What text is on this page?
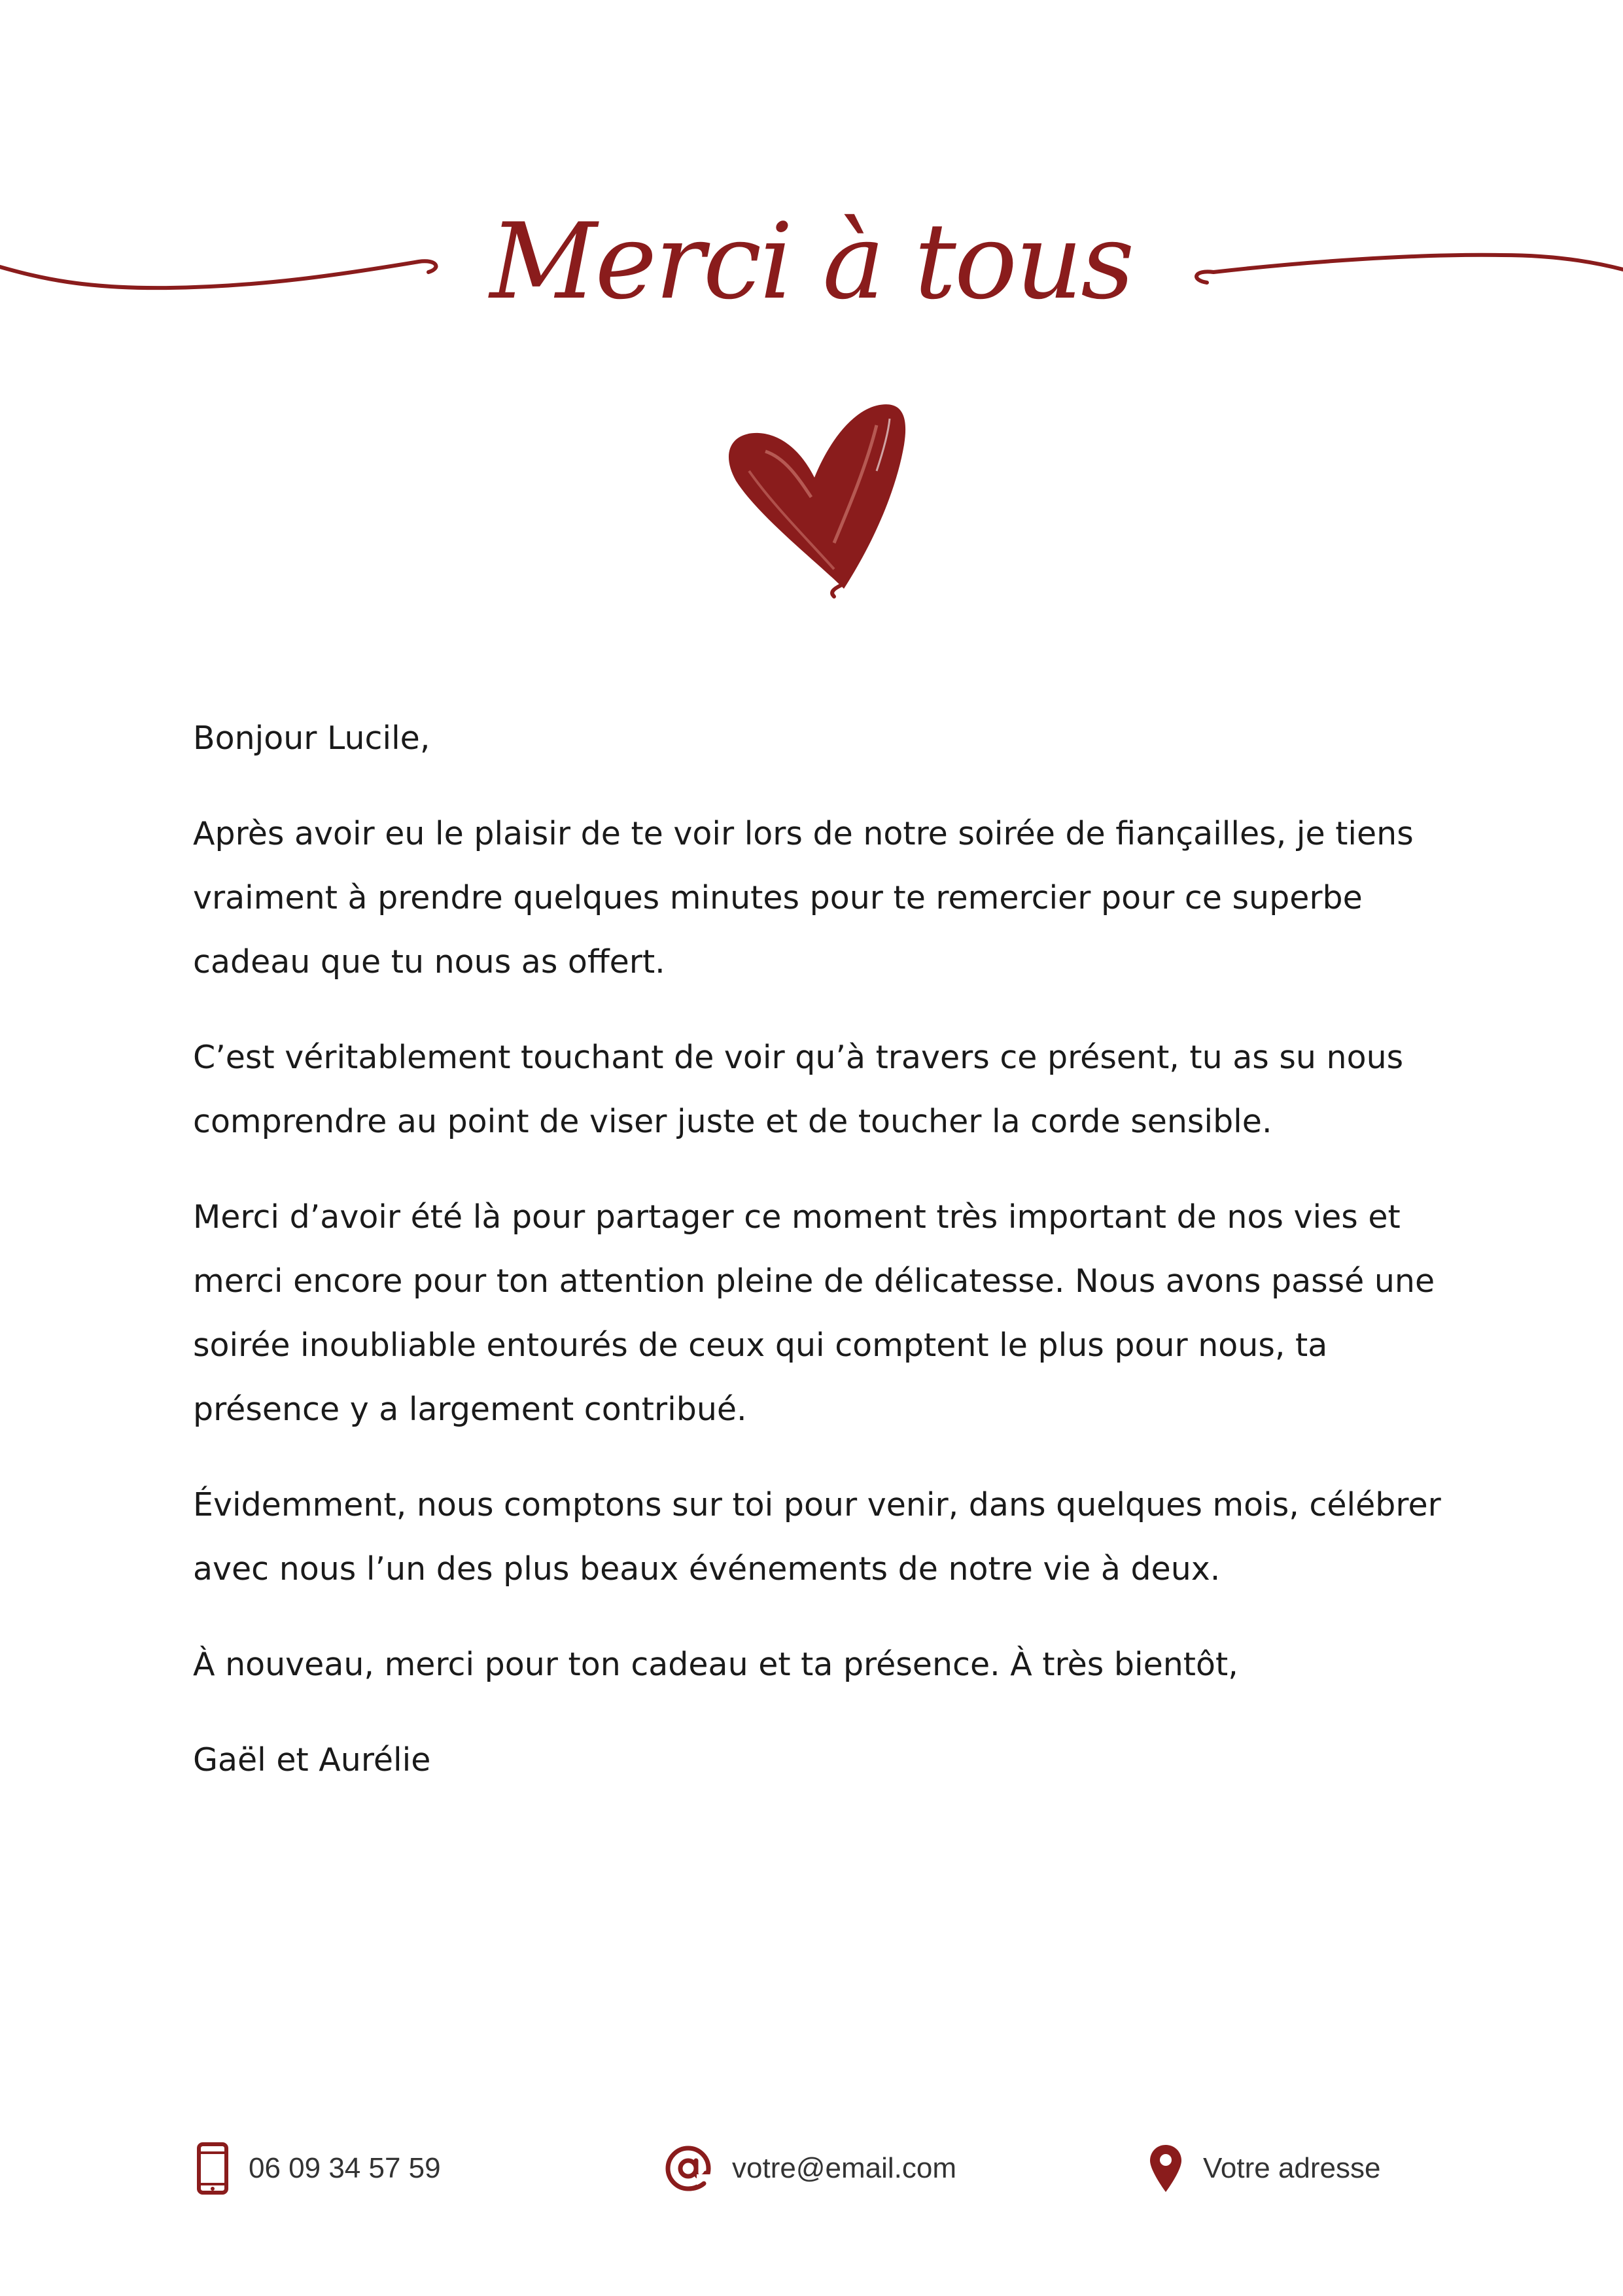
Merci à tous

Bonjour Lucile,

Après avoir eu le plaisir de te voir lors de notre soirée de fiançailles, je tiens vraiment à prendre quelques minutes pour te remercier pour ce superbe cadeau que tu nous as offert.

C’est véritablement touchant de voir qu’à travers ce présent, tu as su nous comprendre au point de viser juste et de toucher la corde sensible.

Merci d’avoir été là pour partager ce moment très important de nos vies et merci encore pour ton attention pleine de délicatesse. Nous avons passé une soirée inoubliable entourés de ceux qui comptent le plus pour nous, ta présence y a largement contribué.

Évidemment, nous comptons sur toi pour venir, dans quelques mois, célébrer avec nous l’un des plus beaux événements de notre vie à deux.

À nouveau, merci pour ton cadeau et ta présence. À très bientôt,

Gaël et Aurélie

06 09 34 57 59	votre@email.com	Votre adresse
